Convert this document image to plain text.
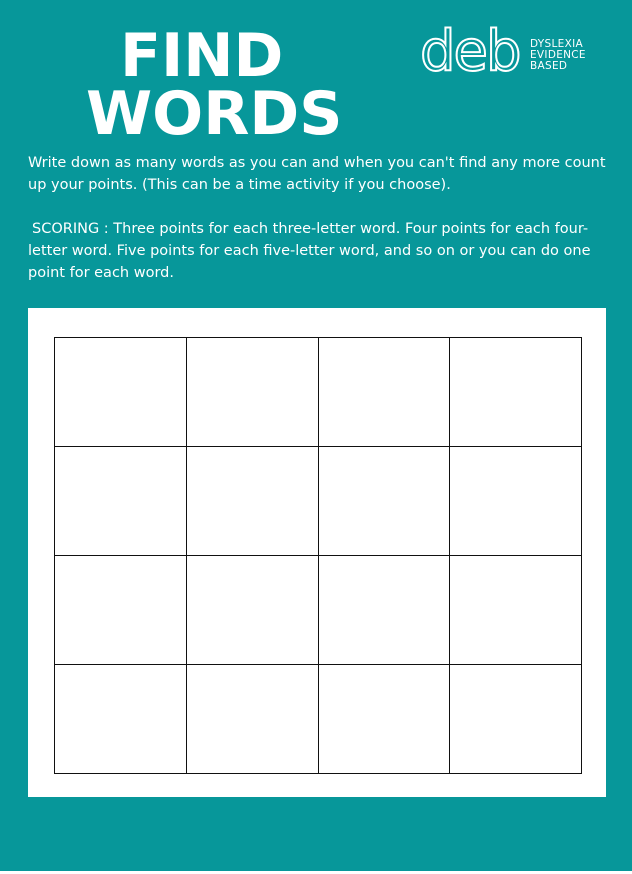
FIND
WORDS
deb DYSLEXIA
EVIDENCE
BASED

Write down as many words as you can and when you can't find any more count up your points. (This can be a time activity if you choose).

SCORING : Three points for each three-letter word. Four points for each four-letter word. Five points for each five-letter word, and so on or you can do one point for each word.
